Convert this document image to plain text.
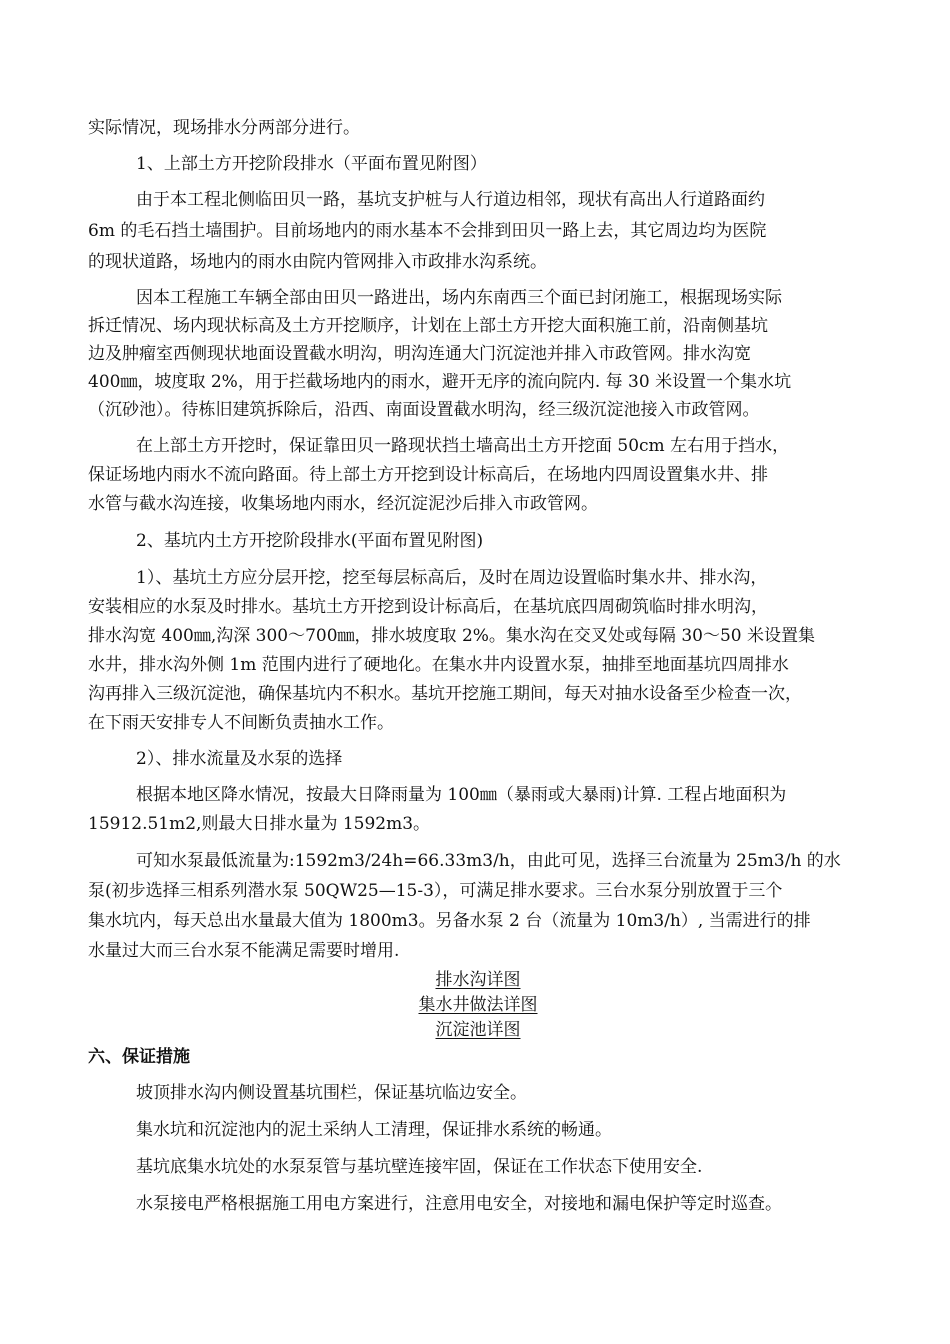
实际情况，现场排水分两部分进行。
1、上部土方开挖阶段排水（平面布置见附图）
由于本工程北侧临田贝一路，基坑支护桩与人行道边相邻，现状有高出人行道路面约
6m 的毛石挡土墙围护。目前场地内的雨水基本不会排到田贝一路上去，其它周边均为医院
的现状道路，场地内的雨水由院内管网排入市政排水沟系统。
因本工程施工车辆全部由田贝一路进出，场内东南西三个面已封闭施工，根据现场实际
拆迁情况、场内现状标高及土方开挖顺序，计划在上部土方开挖大面积施工前，沿南侧基坑
边及肿瘤室西侧现状地面设置截水明沟，明沟连通大门沉淀池并排入市政管网。排水沟宽
400㎜，坡度取 2%，用于拦截场地内的雨水，避开无序的流向院内. 每 30 米设置一个集水坑
（沉砂池）。待栋旧建筑拆除后，沿西、南面设置截水明沟，经三级沉淀池接入市政管网。
在上部土方开挖时，保证靠田贝一路现状挡土墙高出土方开挖面 50cm 左右用于挡水，
保证场地内雨水不流向路面。待上部土方开挖到设计标高后，在场地内四周设置集水井、排
水管与截水沟连接，收集场地内雨水，经沉淀泥沙后排入市政管网。
2、基坑内土方开挖阶段排水(平面布置见附图)
1）、基坑土方应分层开挖，挖至每层标高后，及时在周边设置临时集水井、排水沟，
安装相应的水泵及时排水。基坑土方开挖到设计标高后，在基坑底四周砌筑临时排水明沟，
排水沟宽 400㎜,沟深 300～700㎜，排水坡度取 2%。集水沟在交叉处或每隔 30～50 米设置集
水井，排水沟外侧 1m 范围内进行了硬地化。在集水井内设置水泵，抽排至地面基坑四周排水
沟再排入三级沉淀池，确保基坑内不积水。基坑开挖施工期间，每天对抽水设备至少检查一次，
在下雨天安排专人不间断负责抽水工作。
2）、排水流量及水泵的选择
根据本地区降水情况，按最大日降雨量为 100㎜（暴雨或大暴雨)计算. 工程占地面积为
15912.51m2,则最大日排水量为 1592m3。
可知水泵最低流量为:1592m3/24h=66.33m3/h，由此可见，选择三台流量为 25m3/h 的水
泵(初步选择三相系列潜水泵 50QW25—15-3），可满足排水要求。三台水泵分别放置于三个
集水坑内，每天总出水量最大值为 1800m3。另备水泵 2 台（流量为 10m3/h）, 当需进行的排
水量过大而三台水泵不能满足需要时增用.
排水沟详图
集水井做法详图
沉淀池详图
六、保证措施
坡顶排水沟内侧设置基坑围栏，保证基坑临边安全。
集水坑和沉淀池内的泥土采纳人工清理，保证排水系统的畅通。
基坑底集水坑处的水泵泵管与基坑壁连接牢固，保证在工作状态下使用安全.
水泵接电严格根据施工用电方案进行，注意用电安全，对接地和漏电保护等定时巡查。
